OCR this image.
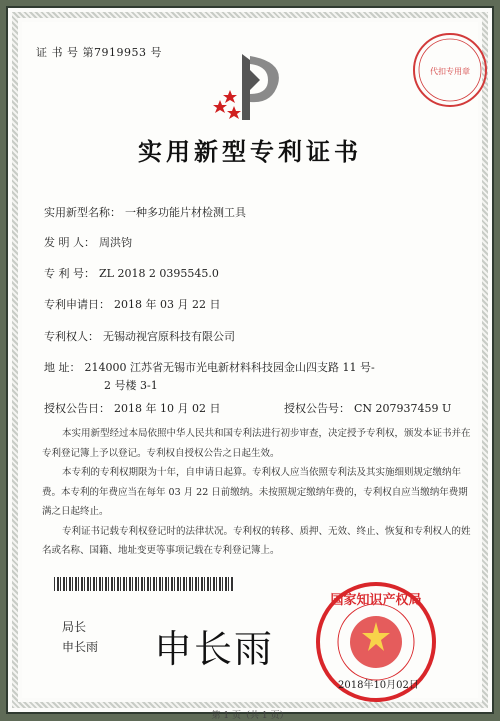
证 书 号 第7919953 号
代扣专用章
实用新型专利证书
实用新型名称： 一种多功能片材检测工具
发 明 人： 周洪钧
专 利 号： ZL 2018 2 0395545.0
专利申请日： 2018 年 03 月 22 日
专利权人： 无锡动视宫原科技有限公司
地 址： 214000 江苏省无锡市光电新材料科技园金山四支路 11 号-
2 号楼 3-1
授权公告日： 2018 年 10 月 02 日	授权公告号： CN 207937459 U

本实用新型经过本局依照中华人民共和国专利法进行初步审查，决定授予专利权，颁发本证书并在专利登记簿上予以登记。专利权自授权公告之日起生效。

本专利的专利权期限为十年，自申请日起算。专利权人应当依照专利法及其实施细则规定缴纳年费。本专利的年费应当在每年 03 月 22 日前缴纳。未按照规定缴纳年费的，专利权自应当缴纳年费期满之日起终止。

专利证书记载专利权登记时的法律状况。专利权的转移、质押、无效、终止、恢复和专利权人的姓名或名称、国籍、地址变更等事项记载在专利登记簿上。

局长
申长雨 申长雨
国家知识产权局
2018年10月02日
第 1 页（共 1 页）
